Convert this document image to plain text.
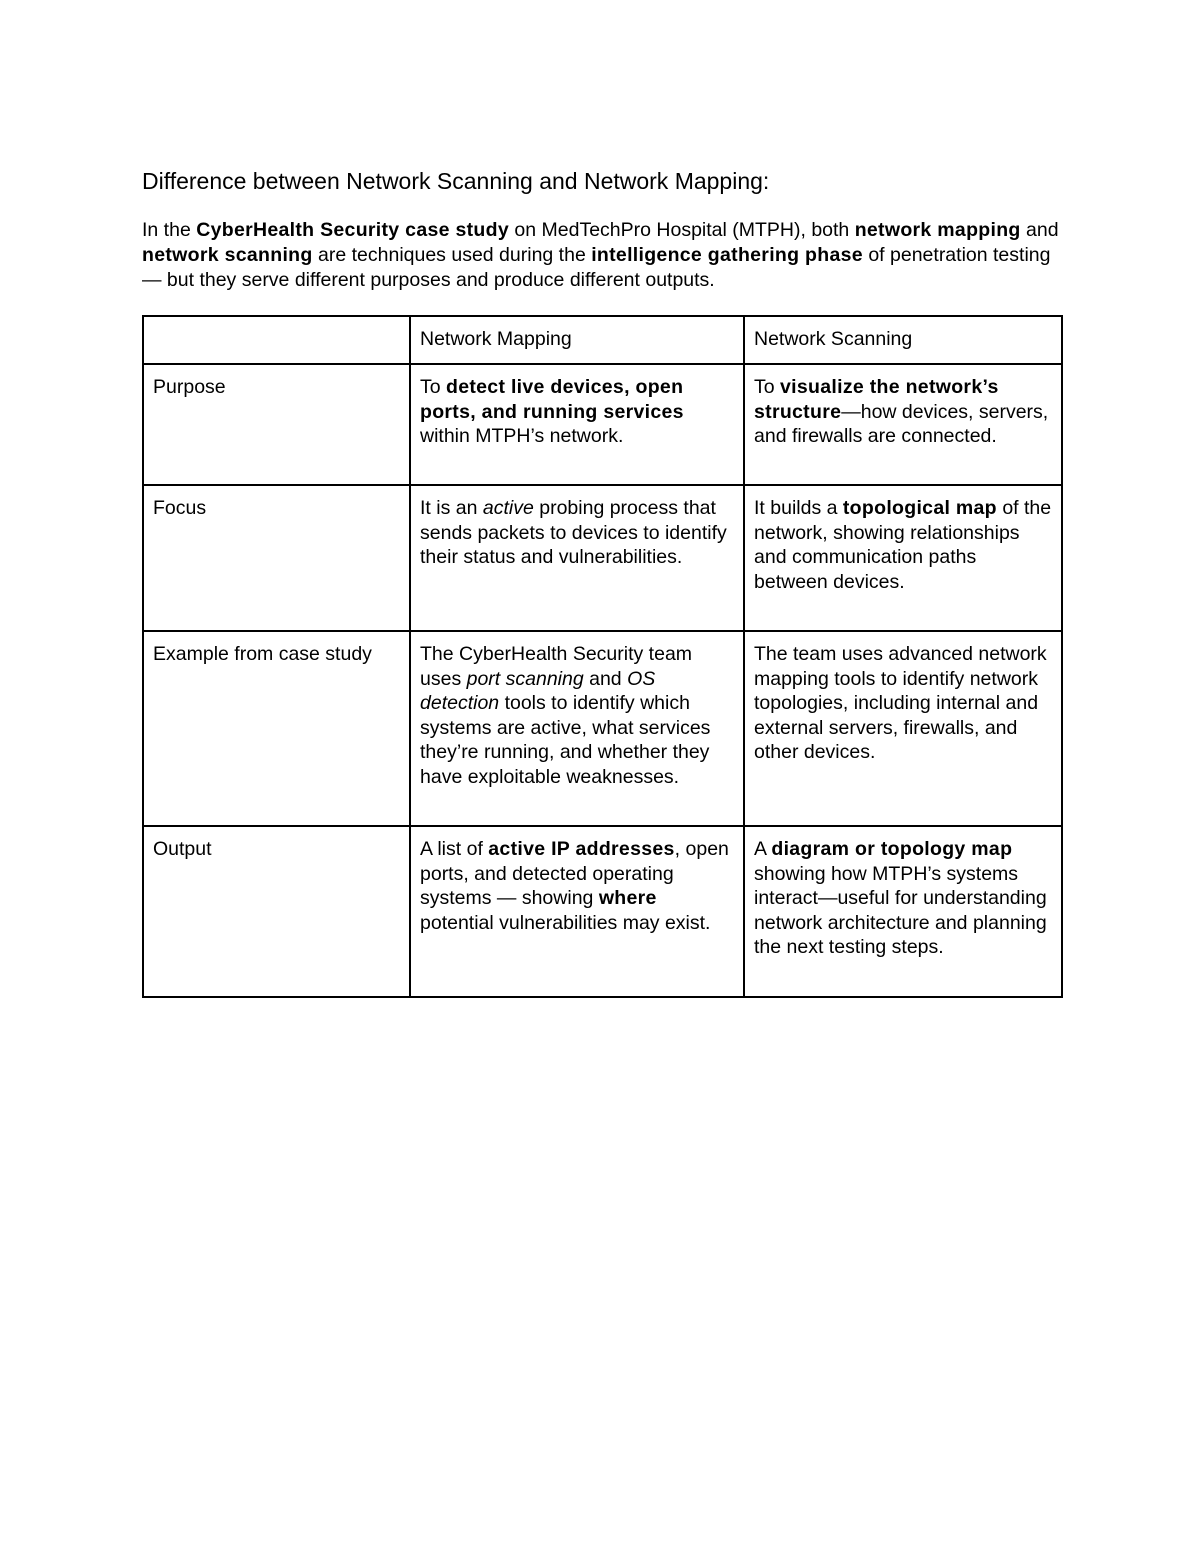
Difference between Network Scanning and Network Mapping:

In the CyberHealth Security case study on MedTechPro Hospital (MTPH), both network mapping and network scanning are techniques used during the intelligence gathering phase of penetration testing — but they serve different purposes and produce different outputs.

	Network Mapping	Network Scanning
Purpose	To detect live devices, open ports, and running services within MTPH’s network.	To visualize the network’s structure—how devices, servers, and firewalls are connected.
Focus	It is an active probing process that sends packets to devices to identify their status and vulnerabilities.	It builds a topological map of the network, showing relationships and communication paths between devices.
Example from case study	The CyberHealth Security team uses port scanning and OS detection tools to identify which systems are active, what services they’re running, and whether they have exploitable weaknesses.	The team uses advanced network mapping tools to identify network topologies, including internal and external servers, firewalls, and other devices.
Output	A list of active IP addresses, open ports, and detected operating systems — showing where potential vulnerabilities may exist.	A diagram or topology map showing how MTPH’s systems interact—useful for understanding network architecture and planning the next testing steps.
